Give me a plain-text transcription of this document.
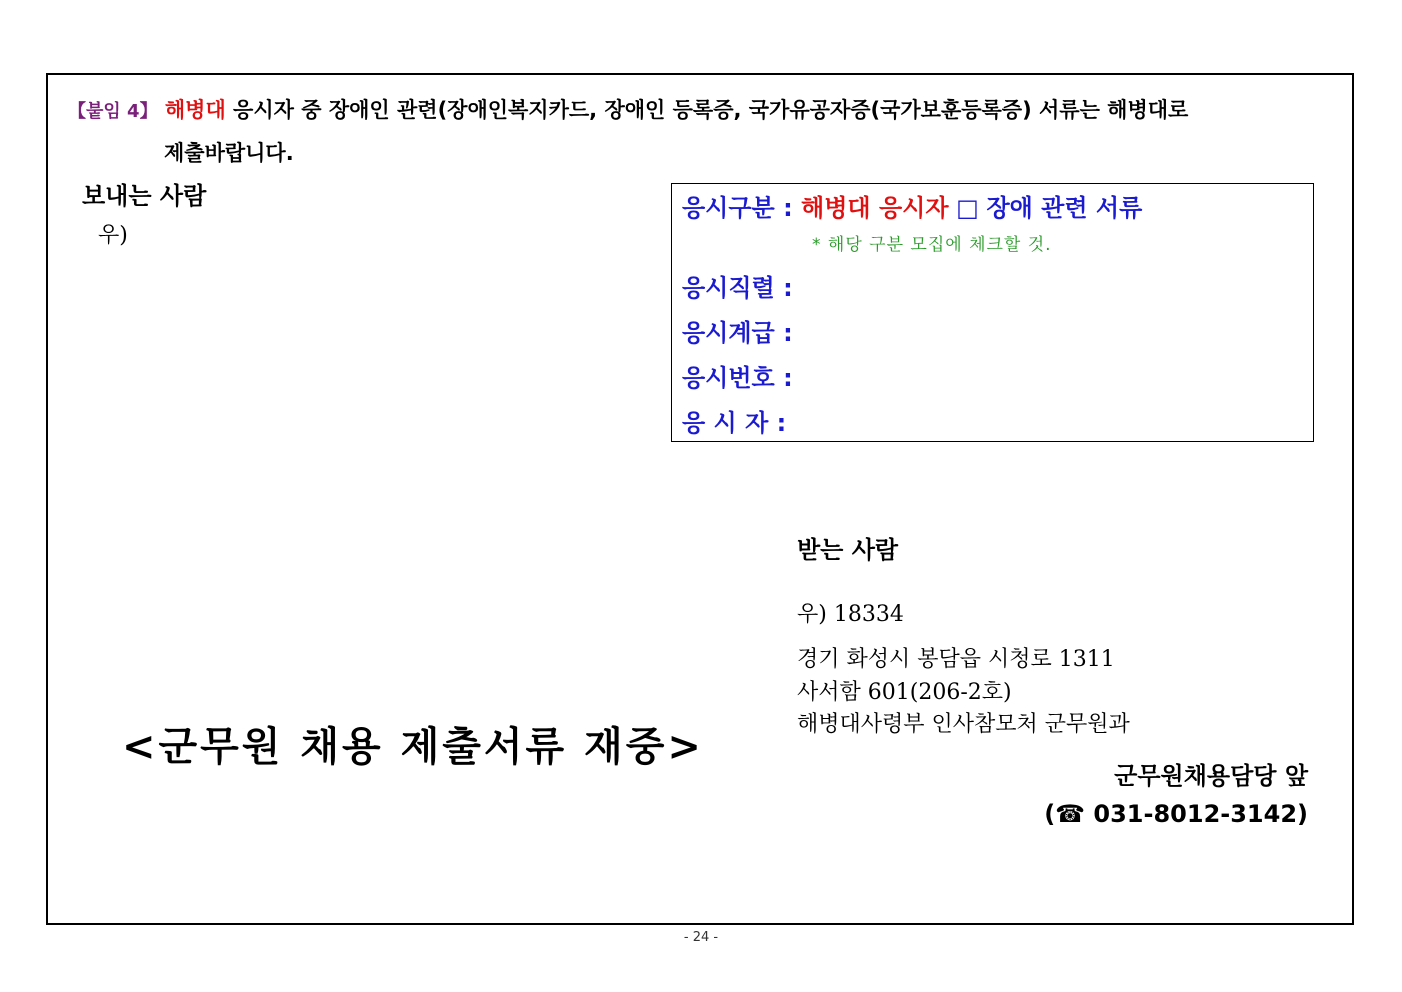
【붙임 4】 해병대 응시자 중 장애인 관련(장애인복지카드, 장애인 등록증, 국가유공자증(국가보훈등록증) 서류는 해병대로
제출바랍니다.
보내는 사람
우)
응시구분 : 해병대 응시자 □ 장애 관련 서류
* 해당 구분 모집에 체크할 것.
응시직렬 :
응시계급 :
응시번호 :
응 시 자 :
받는 사람
우) 18334
경기 화성시 봉담읍 시청로 1311
사서함 601(206-2호)
해병대사령부 인사참모처 군무원과
<군무원 채용 제출서류 재중>
군무원채용담당 앞
(☎ 031-8012-3142)
- 24 -
